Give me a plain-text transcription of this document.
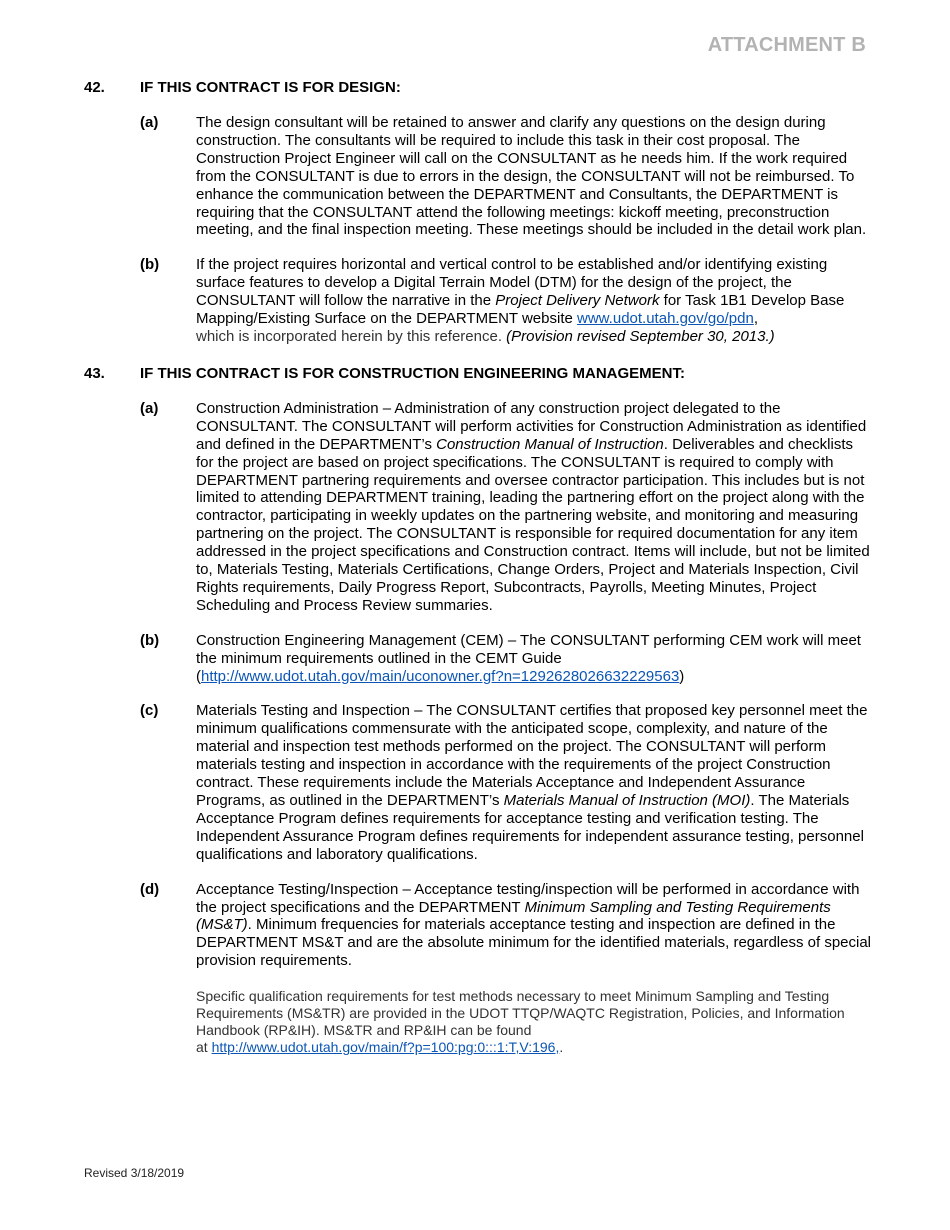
ATTACHMENT B
42.	IF THIS CONTRACT IS FOR DESIGN:
(a)	The design consultant will be retained to answer and clarify any questions on the design during construction. The consultants will be required to include this task in their cost proposal. The Construction Project Engineer will call on the CONSULTANT as he needs him. If the work required from the CONSULTANT is due to errors in the design, the CONSULTANT will not be reimbursed. To enhance the communication between the DEPARTMENT and Consultants, the DEPARTMENT is requiring that the CONSULTANT attend the following meetings: kickoff meeting, preconstruction meeting, and the final inspection meeting. These meetings should be included in the detail work plan.

(b)	If the project requires horizontal and vertical control to be established and/or identifying existing surface features to develop a Digital Terrain Model (DTM) for the design of the project, the CONSULTANT will follow the narrative in the Project Delivery Network for Task 1B1 Develop Base Mapping/Existing Surface on the DEPARTMENT website www.udot.utah.gov/go/pdn,
which is incorporated herein by this reference. (Provision revised September 30, 2013.)

43.	IF THIS CONTRACT IS FOR CONSTRUCTION ENGINEERING MANAGEMENT:
(a)	Construction Administration – Administration of any construction project delegated to the CONSULTANT. The CONSULTANT will perform activities for Construction Administration as identified and defined in the DEPARTMENT’s Construction Manual of Instruction. Deliverables and checklists for the project are based on project specifications. The CONSULTANT is required to comply with DEPARTMENT partnering requirements and oversee contractor participation. This includes but is not limited to attending DEPARTMENT training, leading the partnering effort on the project along with the contractor, participating in weekly updates on the partnering website, and monitoring and measuring partnering on the project. The CONSULTANT is responsible for required documentation for any item addressed in the project specifications and Construction contract. Items will include, but not be limited to, Materials Testing, Materials Certifications, Change Orders, Project and Materials Inspection, Civil Rights requirements, Daily Progress Report, Subcontracts, Payrolls, Meeting Minutes, Project Scheduling and Process Review summaries.

(b)	Construction Engineering Management (CEM) – The CONSULTANT performing CEM work will meet the minimum requirements outlined in the CEMT Guide
(http://www.udot.utah.gov/main/uconowner.gf?n=1292628026632229563)

(c)	Materials Testing and Inspection – The CONSULTANT certifies that proposed key personnel meet the minimum qualifications commensurate with the anticipated scope, complexity, and nature of the material and inspection test methods performed on the project. The CONSULTANT will perform materials testing and inspection in accordance with the requirements of the project Construction contract. These requirements include the Materials Acceptance and Independent Assurance Programs, as outlined in the DEPARTMENT’s Materials Manual of Instruction (MOI). The Materials Acceptance Program defines requirements for acceptance testing and verification testing. The Independent Assurance Program defines requirements for independent assurance testing, personnel qualifications and laboratory qualifications.

(d)	Acceptance Testing/Inspection – Acceptance testing/inspection will be performed in accordance with the project specifications and the DEPARTMENT Minimum Sampling and Testing Requirements (MS&T). Minimum frequencies for materials acceptance testing and inspection are defined in the DEPARTMENT MS&T and are the absolute minimum for the identified materials, regardless of special provision requirements.

Specific qualification requirements for test methods necessary to meet Minimum Sampling and Testing Requirements (MS&TR) are provided in the UDOT TTQP/WAQTC Registration, Policies, and Information Handbook (RP&IH). MS&TR and RP&IH can be found
at http://www.udot.utah.gov/main/f?p=100:pg:0:::1:T,V:196,.

Revised 3/18/2019
